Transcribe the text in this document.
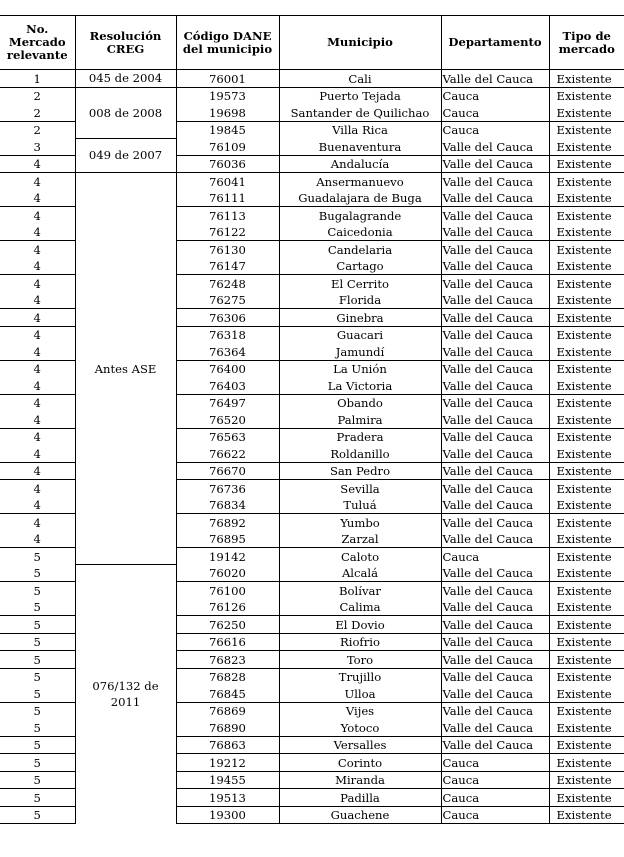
No. Mercado relevante	Resolución CREG	Código DANE del municipio	Municipio	Departamento	Tipo de mercado
1	045 de 2004	76001	Cali	Valle del Cauca	Existente
2	008 de 2008	19573	Puerto Tejada	Cauca	Existente
2		19698	Santander de Quilichao	Cauca	Existente
2		19845	Villa Rica	Cauca	Existente
3	049 de 2007	76109	Buenaventura	Valle del Cauca	Existente
4		76036	Andalucía	Valle del Cauca	Existente
4	Antes ASE	76041	Ansermanuevo	Valle del Cauca	Existente
4		76111	Guadalajara de Buga	Valle del Cauca	Existente
4		76113	Bugalagrande	Valle del Cauca	Existente
4		76122	Caicedonia	Valle del Cauca	Existente
4		76130	Candelaria	Valle del Cauca	Existente
4		76147	Cartago	Valle del Cauca	Existente
4		76248	El Cerrito	Valle del Cauca	Existente
4		76275	Florida	Valle del Cauca	Existente
4		76306	Ginebra	Valle del Cauca	Existente
4		76318	Guacari	Valle del Cauca	Existente
4		76364	Jamundí	Valle del Cauca	Existente
4		76400	La Unión	Valle del Cauca	Existente
4		76403	La Victoria	Valle del Cauca	Existente
4		76497	Obando	Valle del Cauca	Existente
4		76520	Palmira	Valle del Cauca	Existente
4		76563	Pradera	Valle del Cauca	Existente
4		76622	Roldanillo	Valle del Cauca	Existente
4		76670	San Pedro	Valle del Cauca	Existente
4		76736	Sevilla	Valle del Cauca	Existente
4		76834	Tuluá	Valle del Cauca	Existente
4		76892	Yumbo	Valle del Cauca	Existente
4		76895	Zarzal	Valle del Cauca	Existente
5		19142	Caloto	Cauca	Existente
5	076/132 de 2011	76020	Alcalá	Valle del Cauca	Existente
5		76100	Bolívar	Valle del Cauca	Existente
5		76126	Calima	Valle del Cauca	Existente
5		76250	El Dovio	Valle del Cauca	Existente
5		76616	Riofrio	Valle del Cauca	Existente
5		76823	Toro	Valle del Cauca	Existente
5		76828	Trujillo	Valle del Cauca	Existente
5		76845	Ulloa	Valle del Cauca	Existente
5		76869	Vijes	Valle del Cauca	Existente
5		76890	Yotoco	Valle del Cauca	Existente
5		76863	Versalles	Valle del Cauca	Existente
5		19212	Corinto	Cauca	Existente
5		19455	Miranda	Cauca	Existente
5		19513	Padilla	Cauca	Existente
5		19300	Guachene	Cauca	Existente
